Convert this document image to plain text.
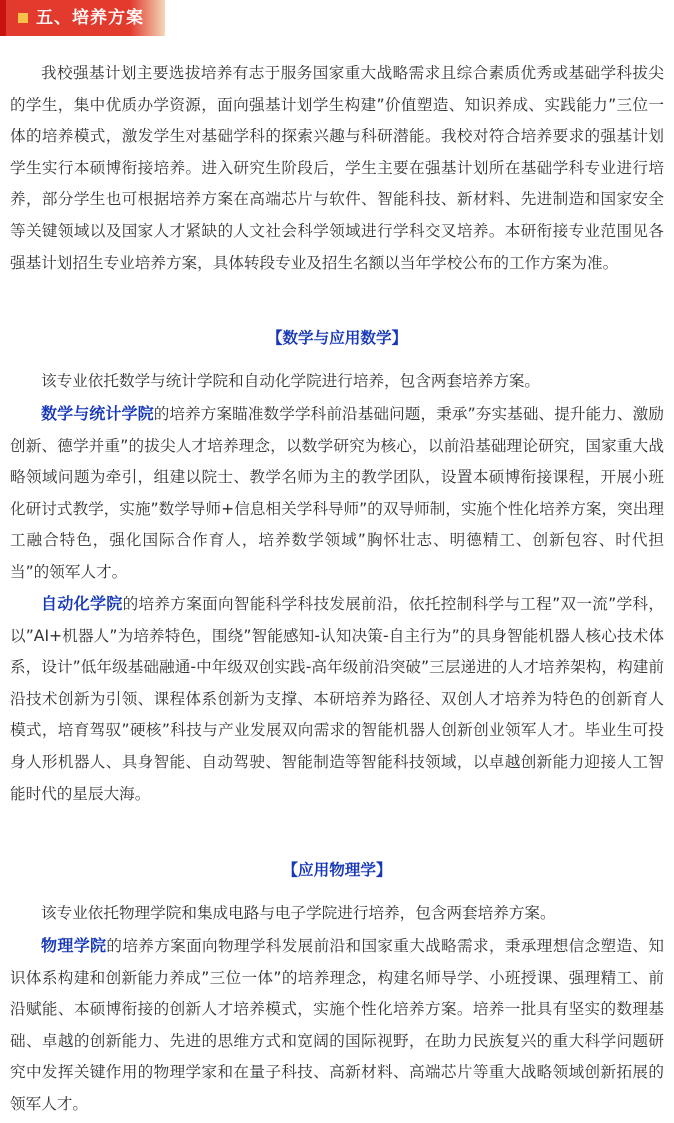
五、培养方案

我校强基计划主要选拔培养有志于服务国家重大战略需求且综合素质优秀或基础学科拔尖的学生，集中优质办学资源，面向强基计划学生构建”价值塑造、知识养成、实践能力”三位一体的培养模式，激发学生对基础学科的探索兴趣与科研潜能。我校对符合培养要求的强基计划学生实行本硕博衔接培养。进入研究生阶段后，学生主要在强基计划所在基础学科专业进行培养，部分学生也可根据培养方案在高端芯片与软件、智能科技、新材料、先进制造和国家安全等关键领域以及国家人才紧缺的人文社会科学领域进行学科交叉培养。本研衔接专业范围见各强基计划招生专业培养方案，具体转段专业及招生名额以当年学校公布的工作方案为准。

【数学与应用数学】

该专业依托数学与统计学院和自动化学院进行培养，包含两套培养方案。

数学与统计学院的培养方案瞄准数学学科前沿基础问题，秉承”夯实基础、提升能力、激励创新、德学并重”的拔尖人才培养理念，以数学研究为核心，以前沿基础理论研究，国家重大战略领域问题为牵引，组建以院士、教学名师为主的教学团队，设置本硕博衔接课程，开展小班化研讨式教学，实施”数学导师+信息相关学科导师”的双导师制，实施个性化培养方案，突出理工融合特色，强化国际合作育人，培养数学领域”胸怀壮志、明德精工、创新包容、时代担当”的领军人才。

自动化学院的培养方案面向智能科学科技发展前沿，依托控制科学与工程”双一流”学科，以”AI+机器人”为培养特色，围绕”智能感知-认知决策-自主行为”的具身智能机器人核心技术体系，设计”低年级基础融通-中年级双创实践-高年级前沿突破”三层递进的人才培养架构，构建前沿技术创新为引领、课程体系创新为支撑、本研培养为路径、双创人才培养为特色的创新育人模式，培育驾驭”硬核”科技与产业发展双向需求的智能机器人创新创业领军人才。毕业生可投身人形机器人、具身智能、自动驾驶、智能制造等智能科技领域，以卓越创新能力迎接人工智能时代的星辰大海。

【应用物理学】

该专业依托物理学院和集成电路与电子学院进行培养，包含两套培养方案。

物理学院的培养方案面向物理学科发展前沿和国家重大战略需求，秉承理想信念塑造、知识体系构建和创新能力养成”三位一体”的培养理念，构建名师导学、小班授课、强理精工、前沿赋能、本硕博衔接的创新人才培养模式，实施个性化培养方案。培养一批具有坚实的数理基础、卓越的创新能力、先进的思维方式和宽阔的国际视野，在助力民族复兴的重大科学问题研究中发挥关键作用的物理学家和在量子科技、高新材料、高端芯片等重大战略领域创新拓展的领军人才。
